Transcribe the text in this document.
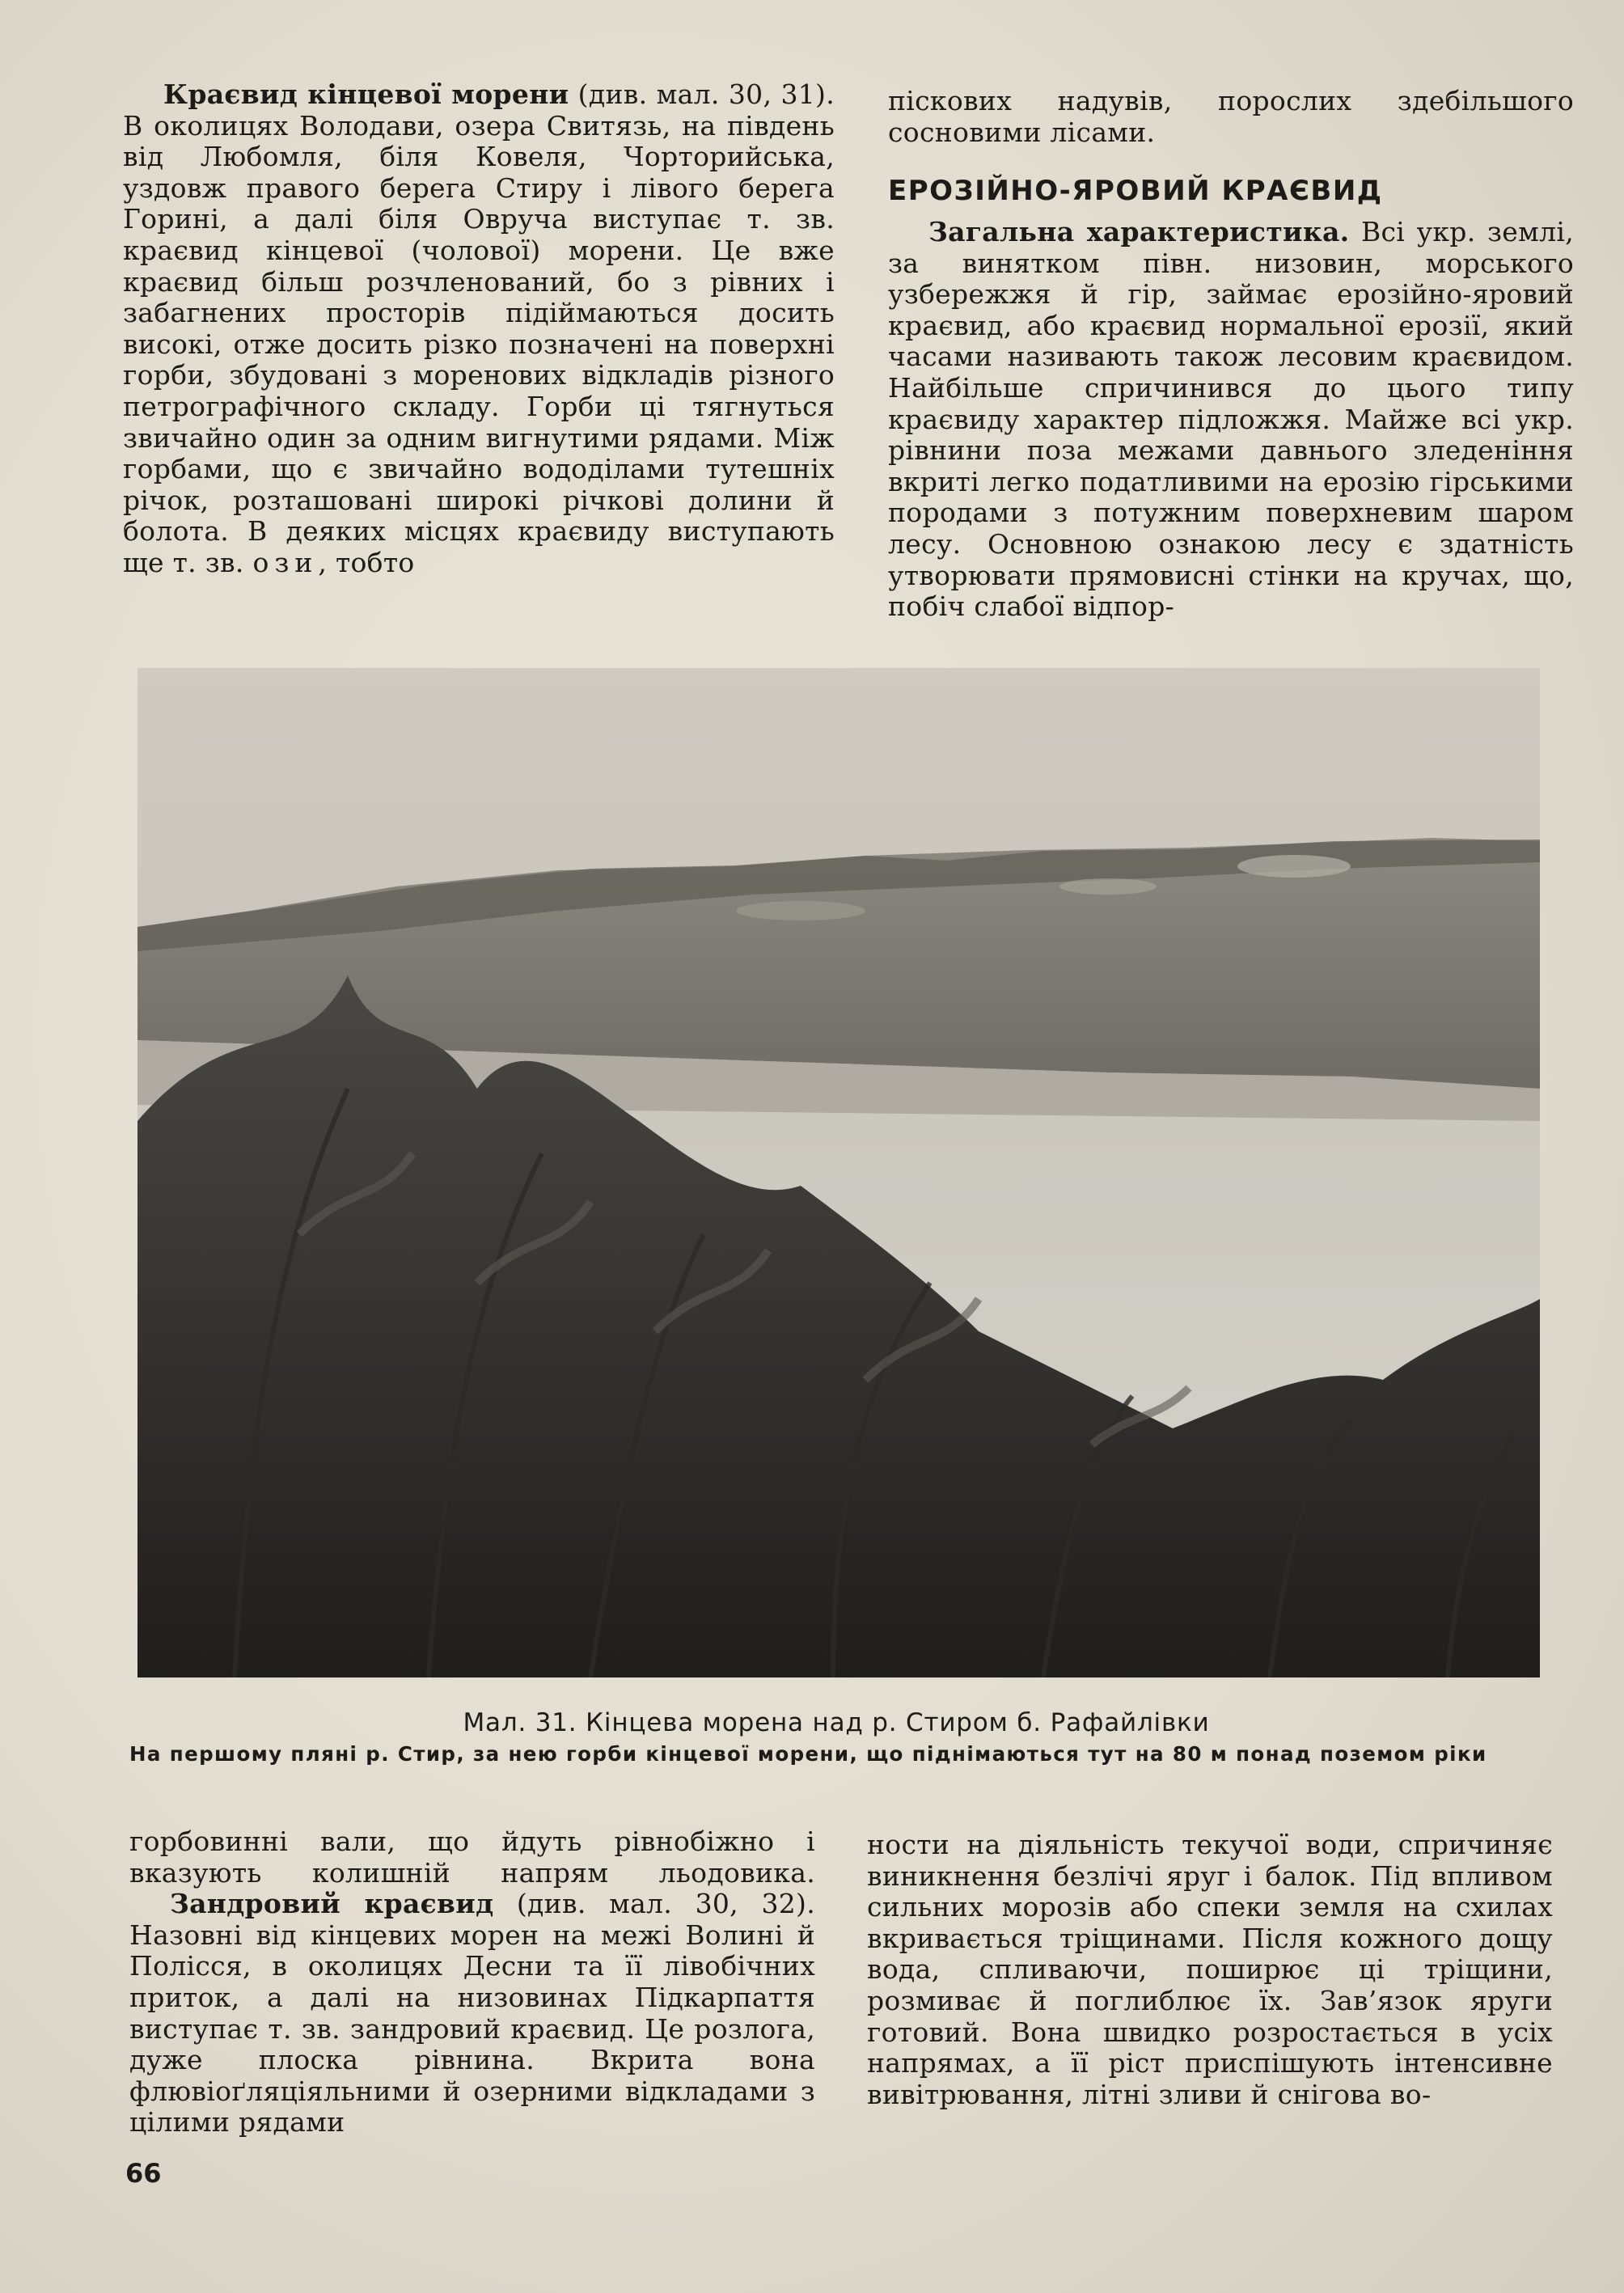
Краєвид кінцевої морени (див. мал. 30, 31). В околицях Володави, озера Свитязь, на південь від Любомля, біля Ковеля, Чорторийська, уздовж правого берега Стиру і лівого берега Горині, а далі біля Овруча виступає т. зв. краєвид кінцевої (чолової) морени. Це вже краєвид більш розчленований, бо з рівних і забагнених просторів підіймаються досить високі, отже досить різко позначені на поверхні горби, збудовані з моренових відкладів різного петрографічного складу. Горби ці тягнуться звичайно один за одним вигнутими рядами. Між горбами, що є звичайно вододілами тутешніх річок, розташовані широкі річкові долини й болота. В деяких місцях краєвиду виступають ще т. зв. ози, тобто

піскових надувів, порослих здебільшого сосновими лісами.

ЕРОЗІЙНО-ЯРОВИЙ КРАЄВИД

Загальна характеристика. Всі укр. землі, за винятком півн. низовин, морського узбережжя й гір, займає ерозійно-яровий краєвид, або краєвид нормальної ерозії, який часами називають також лесовим краєвидом. Найбільше спричинився до цього типу краєвиду характер підложжя. Майже всі укр. рівнини поза межами давнього зледеніння вкриті легко податливими на ерозію гірськими породами з потужним поверхневим шаром лесу. Основною ознакою лесу є здатність утворювати прямовисні стінки на кручах, що, побіч слабої відпор-

Мал. 31. Кінцева морена над р. Стиром б. Рафайлівки

На першому пляні р. Стир, за нею горби кінцевої морени, що піднімаються тут на 80 м понад поземом ріки

горбовинні вали, що йдуть рівнобіжно і вказують колишній напрям льодовика.

Зандровий краєвид (див. мал. 30, 32). Назовні від кінцевих морен на межі Волині й Полісся, в околицях Десни та її лівобічних приток, а далі на низовинах Підкарпаття виступає т. зв. зандровий краєвид. Це розлога, дуже плоска рівнина. Вкрита вона флювіоґляціяльними й озерними відкладами з цілими рядами

ности на діяльність текучої води, спричиняє виникнення безлічі яруг і балок. Під впливом сильних морозів або спеки земля на схилах вкривається тріщинами. Після кожного дощу вода, спливаючи, поширює ці тріщини, розмиває й поглиблює їх. Зав’язок яруги готовий. Вона швидко розростається в усіх напрямах, а її ріст приспішують інтенсивне вивітрювання, літні зливи й снігова во-

66
